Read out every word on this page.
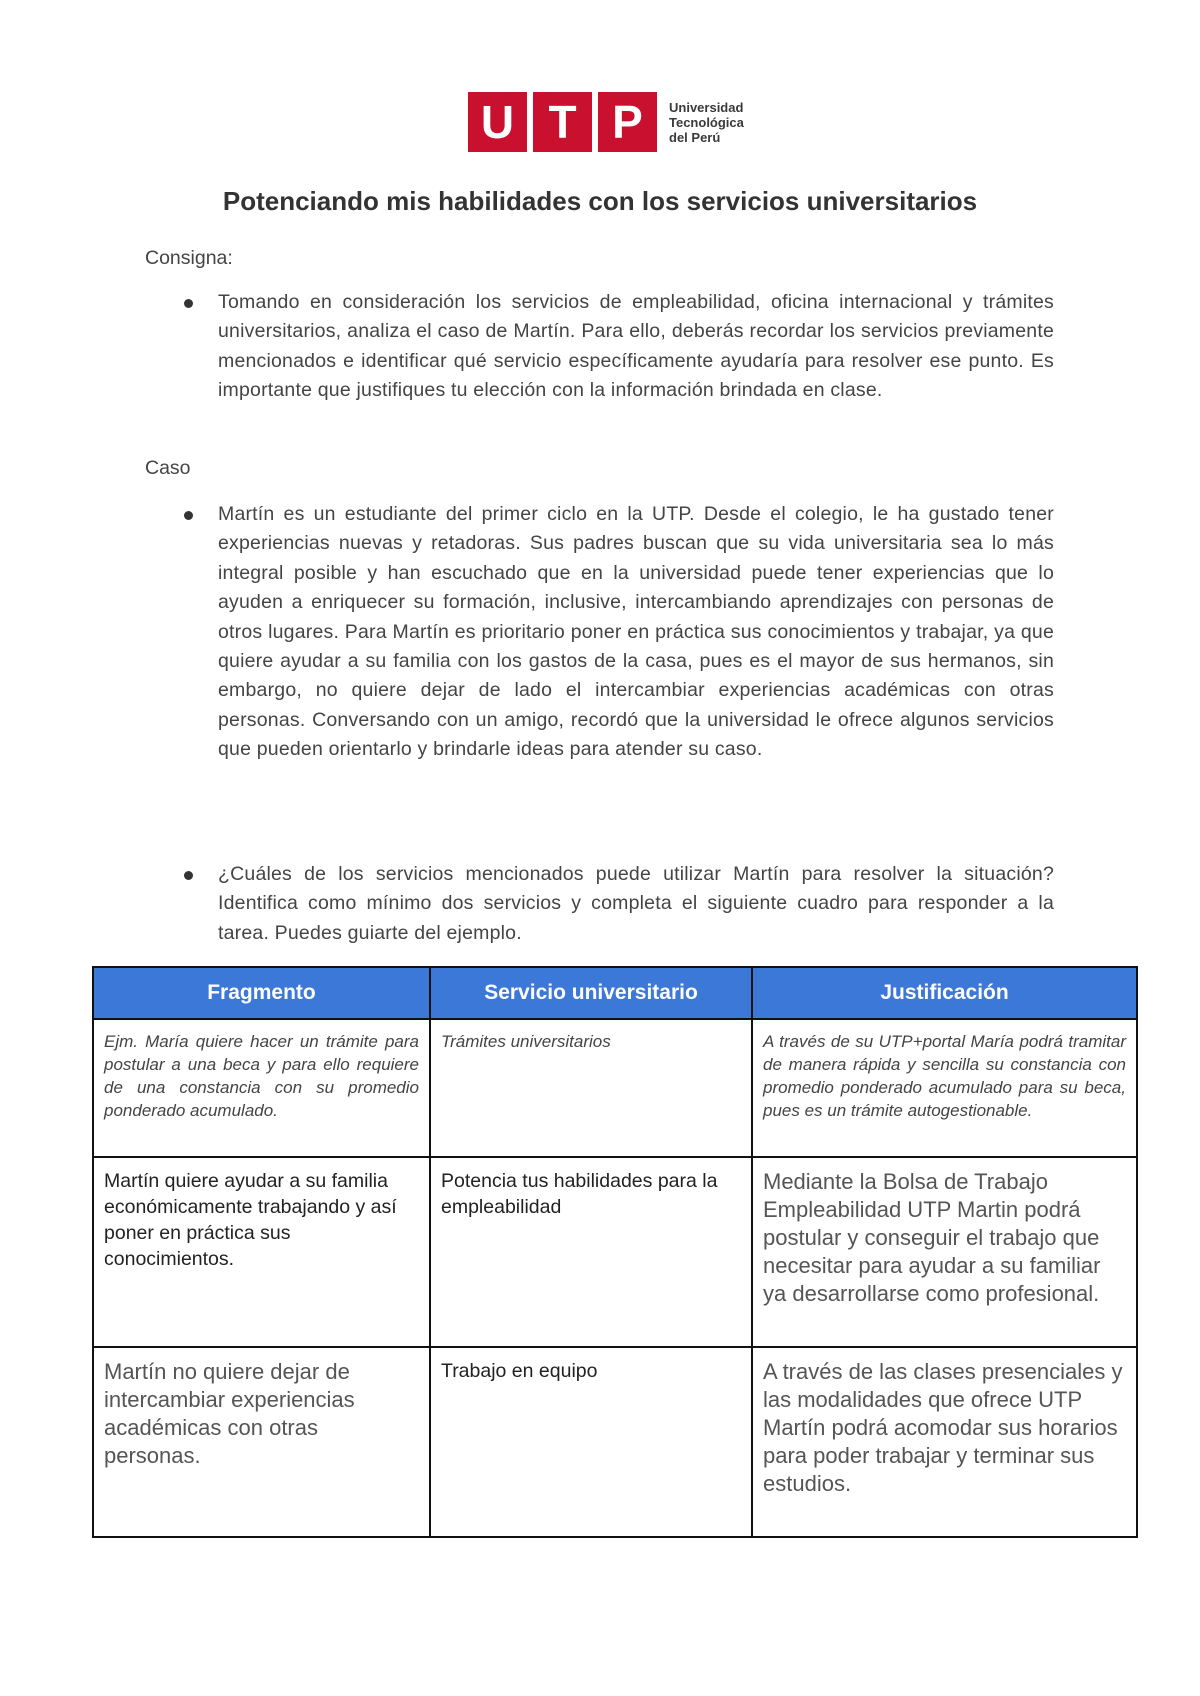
U T P	Universidad
Tecnológica
del Perú
Potenciando mis habilidades con los servicios universitarios
Consigna:

Tomando en consideración los servicios de empleabilidad, oficina internacional y trámites universitarios, analiza el caso de Martín. Para ello, deberás recordar los servicios previamente mencionados e identificar qué servicio específicamente ayudaría para resolver ese punto. Es importante que justifiques tu elección con la información brindada en clase.

Caso

Martín es un estudiante del primer ciclo en la UTP. Desde el colegio, le ha gustado tener experiencias nuevas y retadoras. Sus padres buscan que su vida universitaria sea lo más integral posible y han escuchado que en la universidad puede tener experiencias que lo ayuden a enriquecer su formación, inclusive, intercambiando aprendizajes con personas de otros lugares. Para Martín es prioritario poner en práctica sus conocimientos y trabajar, ya que quiere ayudar a su familia con los gastos de la casa, pues es el mayor de sus hermanos, sin embargo, no quiere dejar de lado el intercambiar experiencias académicas con otras personas. Conversando con un amigo, recordó que la universidad le ofrece algunos servicios que pueden orientarlo y brindarle ideas para atender su caso.

¿Cuáles de los servicios mencionados puede utilizar Martín para resolver la situación? Identifica como mínimo dos servicios y completa el siguiente cuadro para responder a la tarea. Puedes guiarte del ejemplo.

Fragmento	Servicio universitario	Justificación
Ejm. María quiere hacer un trámite para postular a una beca y para ello requiere de una constancia con su promedio ponderado acumulado.	Trámites universitarios	A través de su UTP+portal María podrá tramitar de manera rápida y sencilla su constancia con promedio ponderado acumulado para su beca, pues es un trámite autogestionable.
Martín quiere ayudar a su familia económicamente trabajando y así poner en práctica sus conocimientos.	Potencia tus habilidades para la empleabilidad	Mediante la Bolsa de Trabajo Empleabilidad UTP Martin podrá postular y conseguir el trabajo que necesitar para ayudar a su familiar ya desarrollarse como profesional.
Martín no quiere dejar de intercambiar experiencias académicas con otras personas.	Trabajo en equipo	A través de las clases presenciales y las modalidades que ofrece UTP Martín podrá acomodar sus horarios para poder trabajar y terminar sus estudios.
